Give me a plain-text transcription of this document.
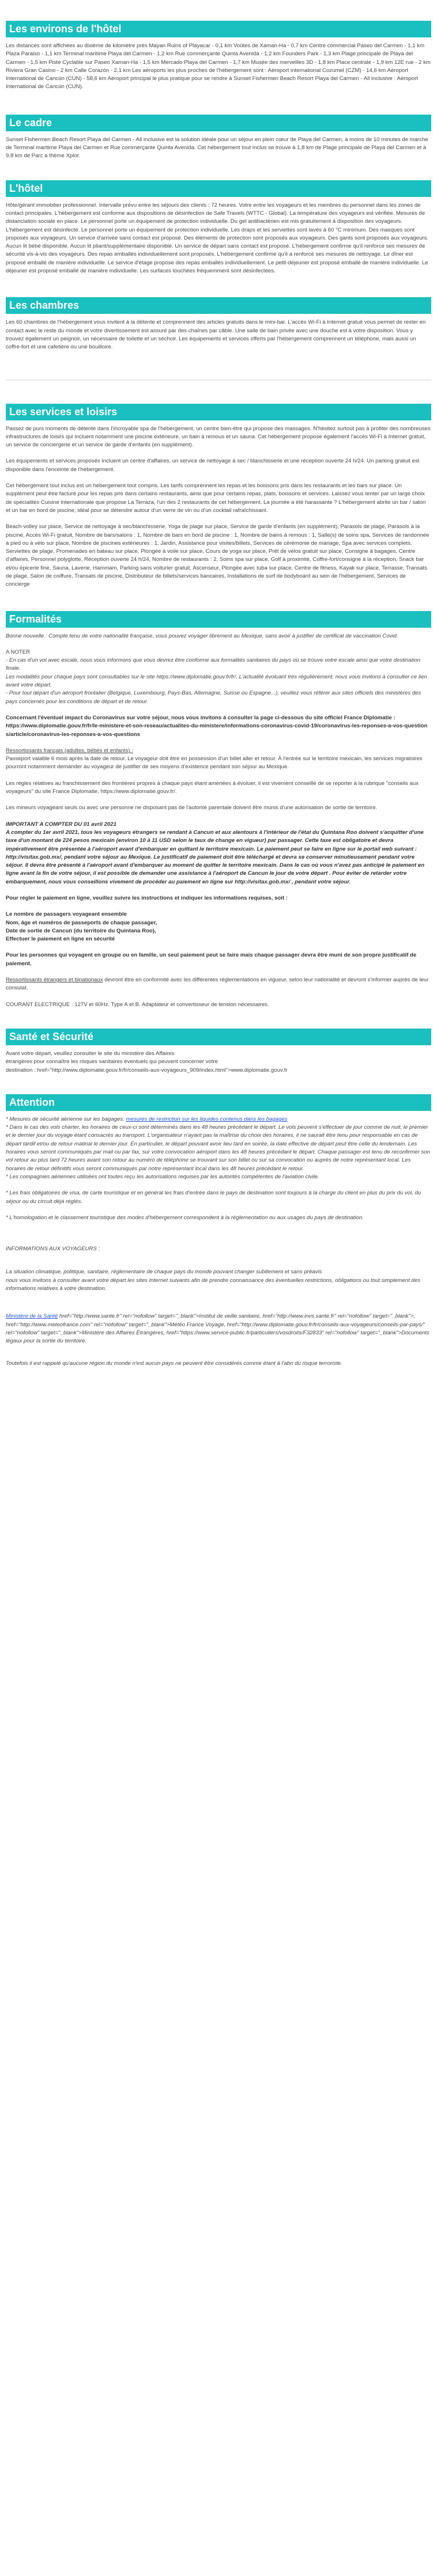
Les environs de l'hôtel

Les distances sont affichées au dixième de kilomètre près Mayan Ruins of Playacar - 0,1 km Voûtes de Xaman-Ha - 0,7 km Centre commercial Paseo del Carmen - 1,1 km Plaza Paraiso - 1,1 km Terminal maritime Playa del Carmen - 1,2 km Rue commerçante Quinta Avenida - 1,2 km Founders Park - 1,3 km Plage principale de Playa del Carmen - 1,5 km Piste Cyclable sur Paseo Xaman-Ha - 1,5 km Mercado Playa del Carmen - 1,7 km Musée des merveilles 3D - 1,8 km Place centrale - 1,9 km 12E rue - 2 km Riviera Gran Casino - 2 km Calle Corazón - 2,1 km Les aéroports les plus proches de l'hébergement sont : Aéroport international Cozumel (CZM) - 14,6 km Aéroport International de Cancún (CUN) - 58,6 km Aéroport principal le plus pratique pour se rendre à Sunset Fishermen Beach Resort Playa del Carmen - All inclusive : Aéroport International de Cancún (CUN).

Le cadre

Sunset Fishermen Beach Resort Playa del Carmen - All inclusive est la solution idéale pour un séjour en plein cœur de Playa del Carmen, à moins de 10 minutes de marche de Terminal maritime Playa del Carmen et Rue commerçante Quinta Avenida. Cet hébergement tout inclus se trouve à 1,8 km de Plage principale de Playa del Carmen et à 9,8 km de Parc à thème Xplor.

L'hôtel

Hôte/gérant immobilier professionnel. Intervalle prévu entre les séjours des clients : 72 heures. Votre entre les voyageurs et les membres du personnel dans les zones de contact principales. L'hébergement est conforme aux dispositions de désinfection de Safe Travels (WTTC - Global). La température des voyageurs est vérifiée. Mesures de distanciation sociale en place. Le personnel porte un équipement de protection individuelle. Du gel antibactérien est mis gratuitement à disposition des voyageurs. L'hébergement est désinfecté. Le personnel porte un équipement de protection individuelle. Les draps et les serviettes sont lavés à 60 °C minimum. Des masques sont proposés aux voyageurs. Un service d'arrivée sans contact est proposé. Des éléments de protection sont proposés aux voyageurs. Des gants sont proposés aux voyageurs. Aucun lit bébé disponible. Aucun lit pliant/supplémentaire disponible. Un service de départ sans contact est proposé. L'hébergement confirme qu'il renforce ses mesures de sécurité vis-à-vis des voyageurs. Des repas emballés individuellement sont proposés. L'hébergement confirme qu'il a renforcé ses mesures de nettoyage. Le dîner est proposé emballé de manière individuelle. Le service d'étage propose des repas emballés individuellement. Le petit-déjeuner est proposé emballé de manière individuelle. Le déjeuner est proposé emballé de manière individuelle. Les surfaces touchées fréquemment sont désinfectées.

Les chambres

Les 60 chambres de l'hébergement vous invitent à la détente et comprennent des articles gratuits dans le mini-bar. L'accès Wi-Fi à Internet gratuit vous permet de rester en contact avec le reste du monde et votre divertissement est assuré par des chaînes par câble. Une salle de bain privée avec une douche est à votre disposition. Vous y trouvez également un peignoir, un nécessaire de toilette et un séchoir. Les équipements et services offerts par l'hébergement comprennent un téléphone, mais aussi un coffre-fort et une cafetière ou une bouilloire.

Les services et loisirs

Passez de purs moments de détente dans l'incroyable spa de l'hébergement, un centre bien-être qui propose des massages. N'hésitez surtout pas à profiter des nombreuses infrastructures de loisirs qui incluent notamment une piscine extérieure, un bain à remous et un sauna. Cet hébergement propose également l'accès Wi-Fi à Internet gratuit, un service de conciergerie et un service de garde d'enfants (en supplément).

Les équipements et services proposés incluent un centre d'affaires, un service de nettoyage à sec / blanchisserie et une réception ouverte 24 h/24. Un parking gratuit est disponible dans l'enceinte de l'hébergement.

Cet hébergement tout inclus est un hébergement tout compris. Les tarifs comprennent les repas et les boissons pris dans les restaurants et les bars sur place. Un supplément peut être facturé pour les repas pris dans certains restaurants, ainsi que pour certains repas, plats, boissons et services. Laissez vous tenter par un large choix de spécialités Cuisine internationale que propose La Terraza, l'un des 2 restaurants de cet hébergement. La journée a été harassante ? L'hébergement abrite un bar / salon et un bar en bord de piscine, idéal pour se détendre autour d'un verre de vin ou d'un cocktail rafraîchissant.

Beach-volley sur place, Service de nettoyage à sec/blanchisserie, Yoga de plage sur place, Service de garde d'enfants (en supplément), Parasols de plage, Parasols à la piscine, Accès Wi-Fi gratuit, Nombre de bars/salons : 1, Nombre de bars en bord de piscine : 1, Nombre de bains à remous : 1, Salle(s) de soins spa, Services de randonnée à pied ou à vélo sur place, Nombre de piscines extérieures : 1, Jardin, Assistance pour visites/billets, Services de cérémonie de mariage, Spa avec services complets, Serviettes de plage, Promenades en bateau sur place, Plongée à voile sur place, Cours de yoga sur place, Prêt de vélos gratuit sur place, Consigne à bagages, Centre d'affaires, Personnel polyglotte, Réception ouverte 24 h/24, Nombre de restaurants : 2, Soins spa sur place, Golf à proximité, Coffre-fort/consigne à la réception, Snack bar et/ou épicerie fine, Sauna, Laverie, Hammam, Parking sans voiturier gratuit, Ascenseur, Plongée avec tuba sur place, Centre de fitness, Kayak sur place, Terrasse, Transats de plage, Salon de coiffure, Transats de piscine, Distributeur de billets/services bancaires, Installations de surf de bodyboard au sein de l'hébergement, Services de concierge

Formalités

Bonne nouvelle : Compte tenu de votre nationalité française, vous pouvez voyager librement au Mexique, sans avoir à justifier de certificat de vaccination Covid.

A NOTER

- En cas d'un vol avec escale, nous vous informons que vous devrez être conforme aux formalités sanitaires du pays où se trouve votre escale ainsi que votre destination finale.

Les modalités pour chaque pays sont consultables sur le site https://www.diplomatie.gouv.fr/fr/. L'actualité évoluant très régulièrement, nous vous invitons à consulter ce lien avant votre départ.

- Pour tout départ d'un aéroport frontalier (Belgique, Luxembourg, Pays-Bas, Allemagne, Suisse ou Espagne...), veuillez vous référer aux sites officiels des ministères des pays concernés pour les conditions de départ et de retour.

Concernant l'éventuel impact du Coronavirus sur votre séjour, nous vous invitons à consulter la page ci-dessous du site officiel France Diplomatie :

https://www.diplomatie.gouv.fr/fr/le-ministere-et-son-reseau/actualites-du-ministere/informations-coronavirus-covid-19/coronavirus-les-reponses-a-vos-questions/article/coronavirus-les-reponses-a-vos-questions

Ressortissants français (adultes, bébés et enfants) :

Passeport valable 6 mois après la date de retour. Le voyageur doit être en possession d'un billet aller et retour. À l'entrée sur le territoire mexicain, les services migratoires pourront notamment demander au voyageur de justifier de ses moyens d'existence pendant son séjour au Mexique.

Les règles relatives au franchissement des frontières propres à chaque pays étant amenées à évoluer, il est vivement conseillé de se reporter à la rubrique "conseils aux voyageurs" du site France Diplomatie, https://www.diplomatie.gouv.fr/.

Les mineurs voyageant seuls ou avec une personne ne disposant pas de l'autorité parentale doivent être munis d'une autorisation de sortie de territoire.

IMPORTANT A COMPTER DU 01 avril 2021

A compter du 1er avril 2021, tous les voyageurs étrangers se rendant à Cancun et aux alentours à l'intérieur de l'état du Quintana Roo doivent s'acquitter d'une taxe d'un montant de 224 pesos mexicain (environ 10 à 11 USD selon le taux de change en vigueur) par passager. Cette taxe est obligatoire et devra impérativement être présentée à l'aéroport avant d'embarquer en quittant le territoire mexicain. Le paiement peut se faire en ligne sur le portail web suivant : http://visitax.gob.mx/, pendant votre séjour au Mexique. Le justificatif de paiement doit être téléchargé et devra se conserver minutieusement pendant votre séjour. Il devra être présenté à l'aéroport avant d'embarquer au moment de quitter le territoire mexicain. Dans le cas où vous n'avez pas anticipé le paiement en ligne avant la fin de votre séjour, il est possible de demander une assistance à l'aéroport de Cancun le jour de votre départ . Pour éviter de retarder votre embarquement, nous vous conseillons vivement de procéder au paiement en ligne sur http://visitax.gob.mx/ , pendant votre séjour.

Pour régler le paiement en ligne, veuillez suivre les instructions et indiquer les informations requises, soit :

Le nombre de passagers voyageant ensemble

Nom, âge et numéros de passeports de chaque passager,

Date de sortie de Cancun (du territoire du Quintana Roo),

Effectuer le paiement en ligne en sécurité

Pour les personnes qui voyagent en groupe ou en famille, un seul paiement peut se faire mais chaque passager devra être muni de son propre justificatif de paiement.

Ressortissants étrangers et binationaux devront être en conformité avec les différentes réglementations en vigueur, selon leur nationalité et devront s'informer auprès de leur consulat.

COURANT ELECTRIQUE : 127V et 60Hz. Type A et B. Adaptateur et convertisseur de tension nécessaires.

Santé et Sécurité

Avant votre départ, veuillez consulter le site du ministère des Affaires

étrangères pour connaître les risques sanitaires éventuels qui peuvent concerner votre

destination : href="http://www.diplomatie.gouv.fr/fr/conseils-aux-voyageurs_909/index.html">www.diplomatie.gouv.fr

Attention

* Mesures de sécurité aérienne sur les bagages: mesures de restriction sur les liquides contenus dans les bagages

* Dans le cas des vols charter, les horaires de ceux-ci sont déterminés dans les 48 heures précédant le départ. Le vols peuvent s'effectuer de jour comme de nuit, le premier et le dernier jour du voyage étant consacrés au transport. L'organisateur n'ayant pas la maîtrise du choix des horaires, il ne saurait être tenu pour responsable en cas de départ tardif et/ou de retour matinal le dernier jour. En particulier, le départ pouvant avoir lieu tard en soirée, la date effective de départ peut être celle du lendemain. Les horaires vous seront communiqués par mail ou par fax, sur votre convocation aéroport dans les 48 heures précédant le départ. Chaque passager est tenu de reconfirmer son vol retour au plus tard 72 heures avant son retour au numéro de téléphone se trouvant sur son billet ou sur sa convocation ou auprès de notre représentant local. Les horaires de retour définitifs vous seront communiqués par notre représentant local dans les 48 heures précédant le retour.

* Les compagnies aériennes utilisées ont toutes reçu les autorisations requises par les autorités compétentes de l'aviation civile.

* Les frais obligatoires de visa, de carte touristique et en général les frais d'entrée dans le pays de destination sont toujours à la charge du client en plus du prix du vol, du séjour ou du circuit déjà réglés.

* L'homologation et le classement touristique des modes d'hébergement correspondent à la réglementation ou aux usages du pays de destination.

INFORMATIONS AUX VOYAGEURS :

La situation climatique, politique, sanitaire, réglementaire de chaque pays du monde pouvant changer subitement et sans préavis

nous vous invitons à consulter avant votre départ les sites Internet suivants afin de prendre connaissance des éventuelles restrictions, obligations ou tout simplement des informations relatives à votre destination.

Ministère de la Santé href="http://www.sante.fr" rel="nofollow" target="_blank">Institut de veille sanitaire, href="http://www.invs.sante.fr" rel="nofollow" target="_blank">, href="http://www.meteofrance.com" rel="nofollow" target="_blank">Météo France Voyage, href="http://www.diplomatie.gouv.fr/fr/conseils-aux-voyageurs/conseils-par-pays/" rel="nofollow" target="_blank">Ministère des Affaires Étrangères, href="https://www.service-public.fr/particuliers/vosdroits/F32833" rel="nofollow" target="_blank">Documents légaux pour la sortie du territoire.

Toutefois il est rappelé qu'aucune région du monde n'est aucun pays ne peuvent être considérés comme étant à l'abri du risque terroriste.
